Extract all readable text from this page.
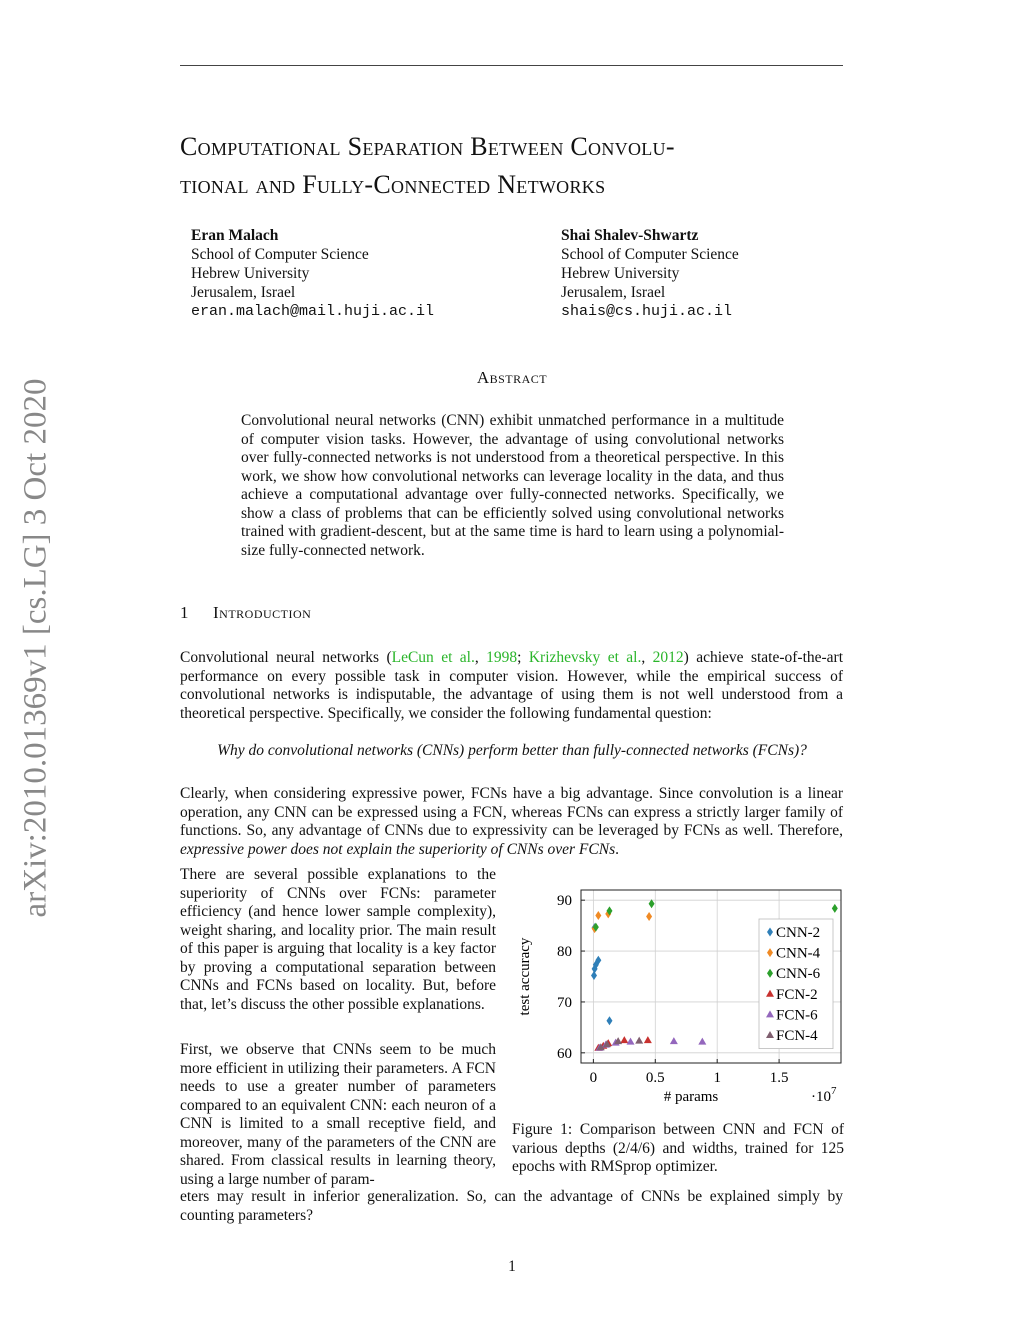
arXiv:2010.01369v1 [cs.LG] 3 Oct 2020
Computational Separation Between Convolu-
tional and Fully-Connected Networks
Eran Malach
School of Computer Science
Hebrew University
Jerusalem, Israel
eran.malach@mail.huji.ac.il
Shai Shalev-Shwartz
School of Computer Science
Hebrew University
Jerusalem, Israel
shais@cs.huji.ac.il
Abstract
Convolutional neural networks (CNN) exhibit unmatched performance in a multitude of computer vision tasks. However, the advantage of using convolutional networks over fully-connected networks is not understood from a theoretical perspective. In this work, we show how convolutional networks can leverage locality in the data, and thus achieve a computational advantage over fully-connected networks. Specifically, we show a class of problems that can be efficiently solved using convolutional networks trained with gradient-descent, but at the same time is hard to learn using a polynomial-size fully-connected network.
1 Introduction
Convolutional neural networks (LeCun et al., 1998; Krizhevsky et al., 2012) achieve state-of-the-art performance on every possible task in computer vision. However, while the empirical success of convolutional networks is indisputable, the advantage of using them is not well understood from a theoretical perspective. Specifically, we consider the following fundamental question:
Why do convolutional networks (CNNs) perform better than fully-connected networks (FCNs)?
Clearly, when considering expressive power, FCNs have a big advantage. Since convolution is a linear operation, any CNN can be expressed using a FCN, whereas FCNs can express a strictly larger family of functions. So, any advantage of CNNs due to expressivity can be leveraged by FCNs as well. Therefore, expressive power does not explain the superiority of CNNs over FCNs.
There are several possible explanations to the superiority of CNNs over FCNs: parameter efficiency (and hence lower sample complexity), weight sharing, and locality prior. The main result of this paper is arguing that locality is a key factor by proving a computational separation between CNNs and FCNs based on locality. But, before that, let’s discuss the other possible explanations.
First, we observe that CNNs seem to be much more efficient in utilizing their parameters. A FCN needs to use a greater number of parameters compared to an equivalent CNN: each neuron of a CNN is limited to a small receptive field, and moreover, many of the parameters of the CNN are shared. From classical results in learning theory, using a large number of param-
eters may result in inferior generalization. So, can the advantage of CNNs be explained simply by counting parameters?
0	0.5	1	1.5
60
70
80
90
# params	$\cdot 10^7$
test accuracy
CNN-2
CNN-4
CNN-6
FCN-2
FCN-6
FCN-4
Figure 1: Comparison between CNN and FCN of various depths (2/4/6) and widths, trained for 125 epochs with RMSprop optimizer.
1
